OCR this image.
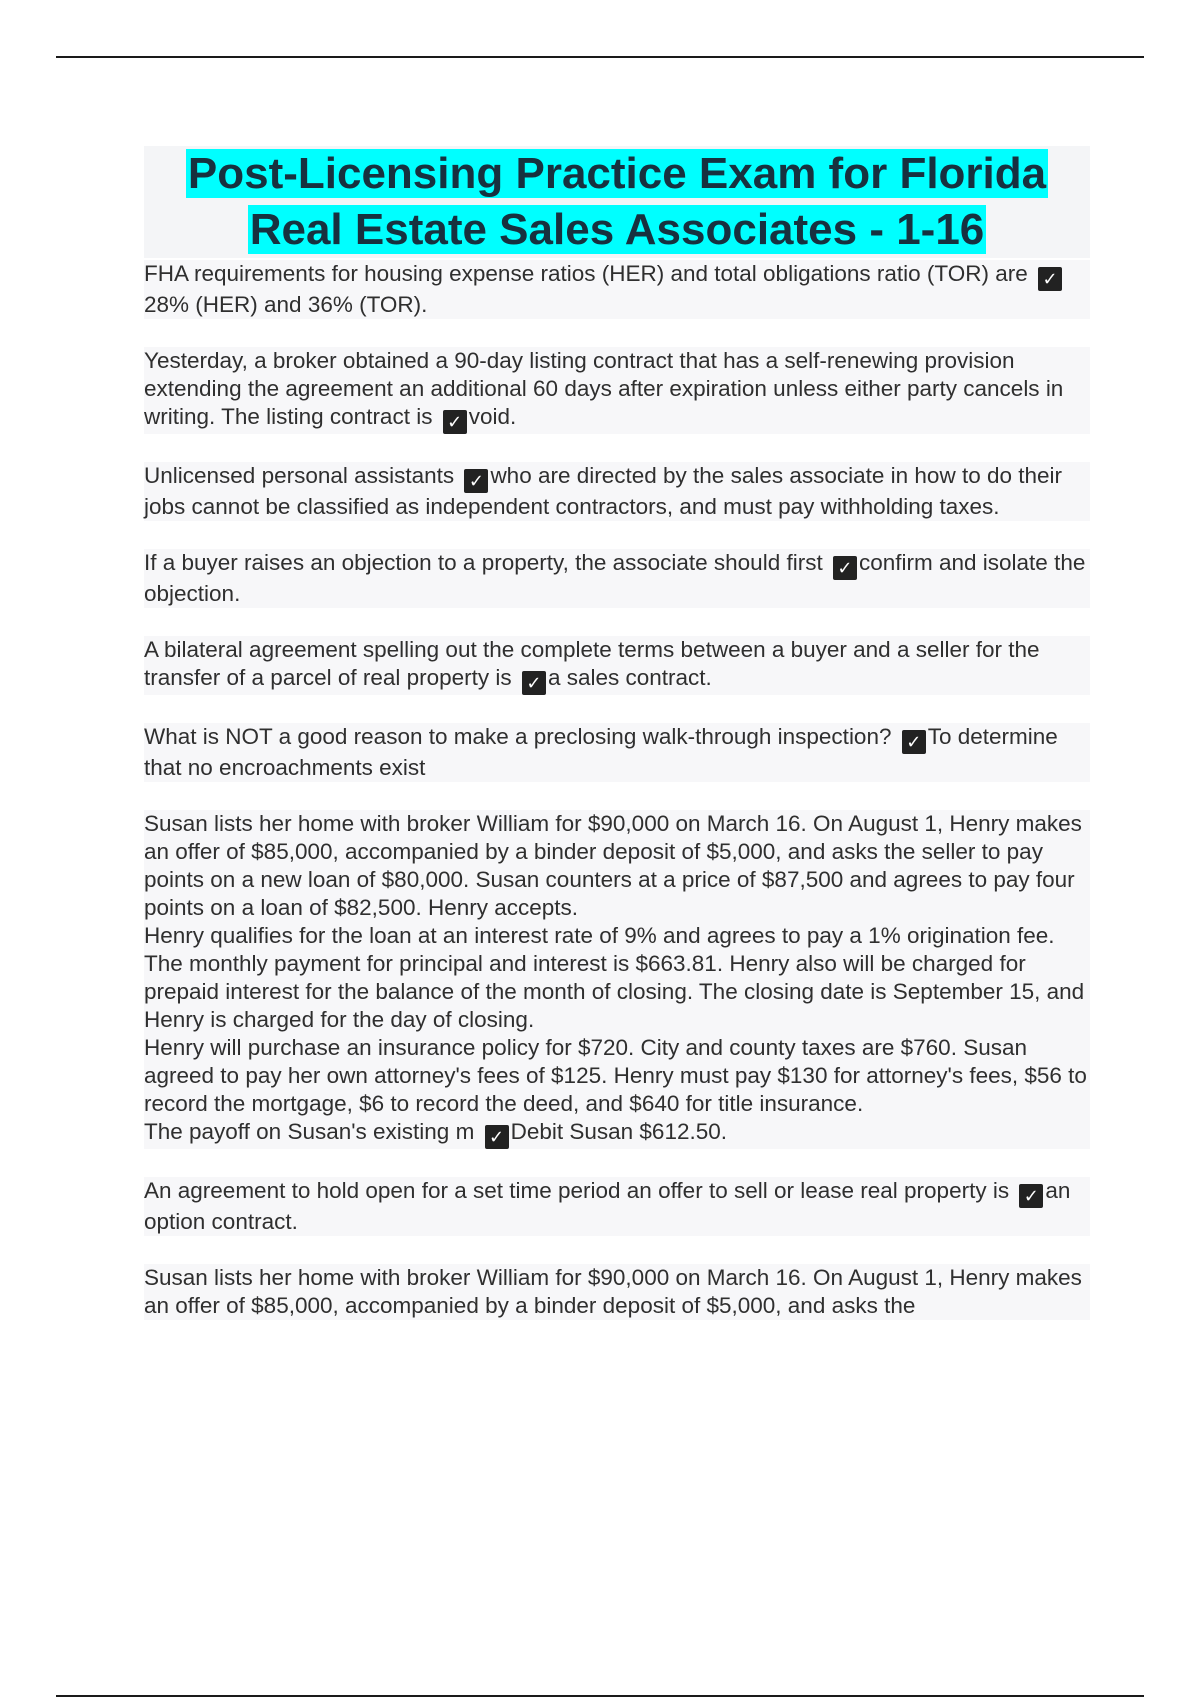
Post-Licensing Practice Exam for Florida Real Estate Sales Associates - 1-16

FHA requirements for housing expense ratios (HER) and total obligations ratio (TOR) are ✓28% (HER) and 36% (TOR).

Yesterday, a broker obtained a 90-day listing contract that has a self-renewing provision extending the agreement an additional 60 days after expiration unless either party cancels in writing. The listing contract is ✓ void.

Unlicensed personal assistants ✓ who are directed by the sales associate in how to do their jobs cannot be classified as independent contractors, and must pay withholding taxes.

If a buyer raises an objection to a property, the associate should first ✓ confirm and isolate the objection.

A bilateral agreement spelling out the complete terms between a buyer and a seller for the transfer of a parcel of real property is ✓ a sales contract.

What is NOT a good reason to make a preclosing walk-through inspection? ✓ To determine that no encroachments exist

Susan lists her home with broker William for $90,000 on March 16. On August 1, Henry makes an offer of $85,000, accompanied by a binder deposit of $5,000, and asks the seller to pay points on a new loan of $80,000. Susan counters at a price of $87,500 and agrees to pay four points on a loan of $82,500. Henry accepts.

Henry qualifies for the loan at an interest rate of 9% and agrees to pay a 1% origination fee. The monthly payment for principal and interest is $663.81. Henry also will be charged for prepaid interest for the balance of the month of closing. The closing date is September 15, and Henry is charged for the day of closing.

Henry will purchase an insurance policy for $720. City and county taxes are $760. Susan agreed to pay her own attorney's fees of $125. Henry must pay $130 for attorney's fees, $56 to record the mortgage, $6 to record the deed, and $640 for title insurance.

The payoff on Susan's existing m ✓ Debit Susan $612.50.

An agreement to hold open for a set time period an offer to sell or lease real property is ✓ an option contract.

Susan lists her home with broker William for $90,000 on March 16. On August 1, Henry makes an offer of $85,000, accompanied by a binder deposit of $5,000, and asks the
